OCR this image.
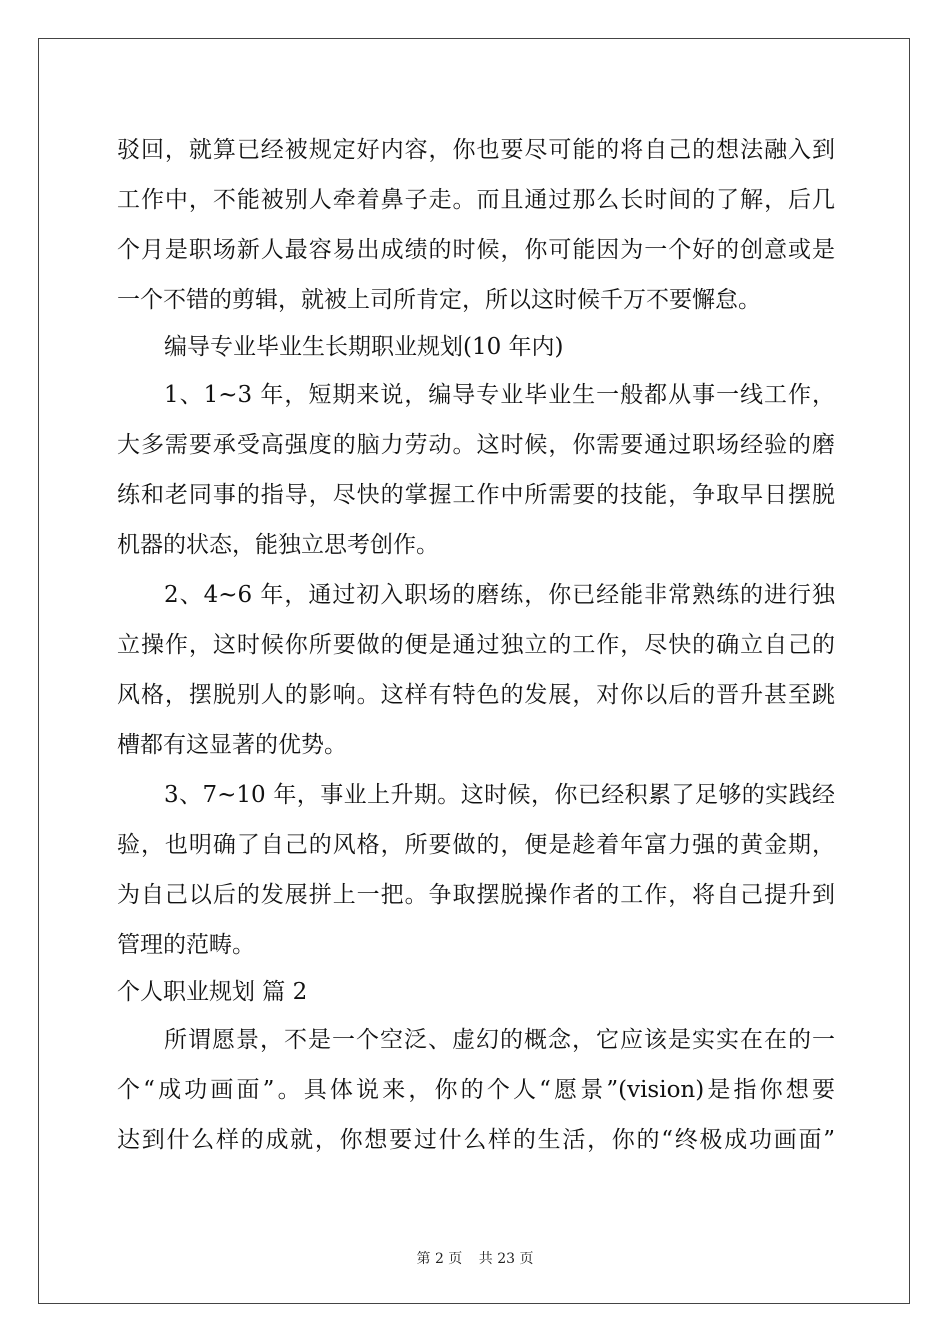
驳回，就算已经被规定好内容，你也要尽可能的将自己的想法融入到
工作中，不能被别人牵着鼻子走。而且通过那么长时间的了解，后几
个月是职场新人最容易出成绩的时候，你可能因为一个好的创意或是
一个不错的剪辑，就被上司所肯定，所以这时候千万不要懈怠。
编导专业毕业生长期职业规划(10 年内)
1、1~3 年，短期来说，编导专业毕业生一般都从事一线工作，
大多需要承受高强度的脑力劳动。这时候，你需要通过职场经验的磨
练和老同事的指导，尽快的掌握工作中所需要的技能，争取早日摆脱
机器的状态，能独立思考创作。
2、4~6 年，通过初入职场的磨练，你已经能非常熟练的进行独
立操作，这时候你所要做的便是通过独立的工作，尽快的确立自己的
风格，摆脱别人的影响。这样有特色的发展，对你以后的晋升甚至跳
槽都有这显著的优势。
3、7~10 年，事业上升期。这时候，你已经积累了足够的实践经
验，也明确了自己的风格，所要做的，便是趁着年富力强的黄金期，
为自己以后的发展拼上一把。争取摆脱操作者的工作，将自己提升到
管理的范畴。
个人职业规划 篇 2
所谓愿景，不是一个空泛、虚幻的概念，它应该是实实在在的一
个“成功画面”。具体说来，你的个人“愿景”(vision)是指你想要
达到什么样的成就，你想要过什么样的生活，你的“终极成功画面”
第 2 页 共 23 页
